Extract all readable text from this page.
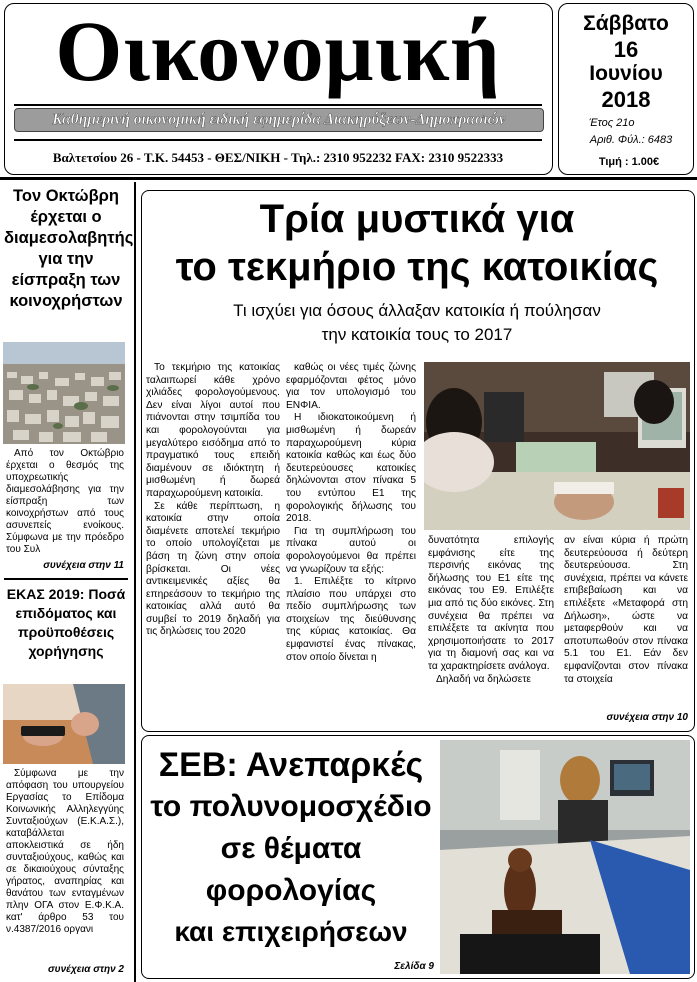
Οικονομική
Καθημερινή οικονομική ειδική εφημερίδα Διακηρύξεων-Δημοπρασιών
Βαλτετσίου 26 - Τ.Κ. 54453 - ΘΕΣ/ΝΙΚΗ - Τηλ.: 2310 952232 FAX: 2310 9522333
Σάββατο
16
Ιουνίου
2018
Έτος 21ο
Αριθ. Φύλ.: 6483
Τιμή : 1.00€
Τον Οκτώβρη έρχεται ο διαμεσολαβητής για την είσπραξη των κοινοχρήστων
Από τον Οκτώβριο έρχεται ο θεσμός της υποχρεωτικής διαμεσολάβησης για την είσπραξη των κοινοχρήστων από τους ασυνεπείς ενοίκους. Σύμφωνα με την πρόεδρο του Συλ
συνέχεια στην 11
ΕΚΑΣ 2019: Ποσά επιδόματος και προϋποθέσεις χορήγησης
Σύμφωνα με την απόφαση του υπουργείου Εργασίας το Επίδομα Κοινωνικής Αλληλεγγύης Συνταξιούχων (Ε.Κ.Α.Σ.), καταβάλλεται αποκλειστικά σε ήδη συνταξιούχους, καθώς και σε δικαιούχους σύνταξης γήρατος, αναπηρίας και θανάτου των ενταγμένων πλην ΟΓΑ στον Ε.Φ.Κ.Α. κατ' άρθρο 53 του ν.4387/2016 οργανι
συνέχεια στην 2
Τρία μυστικά για
το τεκμήριο της κατοικίας
Τι ισχύει για όσους άλλαξαν κατοικία ή πούλησαν
την κατοικία τους το 2017

Το τεκμήριο της κατοικίας ταλαιπωρεί κάθε χρόνο χιλιάδες φορολογούμενους. Δεν είναι λίγοι αυτοί που πιάνονται στην τσιμπίδα του και φορολογούνται για μεγαλύτερο εισόδημα από το πραγματικό τους επειδή διαμένουν σε ιδιόκτητη ή μισθωμένη ή δωρεά παραχωρούμενη κατοικία.

Σε κάθε περίπτωση, η κατοικία στην οποία διαμένετε αποτελεί τεκμήριο το οποίο υπολογίζεται με βάση τη ζώνη στην οποία βρίσκεται. Οι νέες αντικειμενικές αξίες θα επηρεάσουν το τεκμήριο της κατοικίας αλλά αυτό θα συμβεί το 2019 δηλαδή για τις δηλώσεις του 2020

καθώς οι νέες τιμές ζώνης εφαρμόζονται φέτος μόνο για τον υπολογισμό του ΕΝΦΙΑ.

Η ιδιοκατοικούμενη ή μισθωμένη ή δωρεάν παραχωρούμενη κύρια κατοικία καθώς και έως δύο δευτερεύουσες κατοικίες δηλώνονται στον πίνακα 5 του εντύπου Ε1 της φορολογικής δήλωσης του 2018.

Για τη συμπλήρωση του πίνακα αυτού οι φορολογούμενοι θα πρέπει να γνωρίζουν τα εξής:

1. Επιλέξτε το κίτρινο πλαίσιο που υπάρχει στο πεδίο συμπλήρωσης των στοιχείων της διεύθυνσης της κύριας κατοικίας. Θα εμφανιστεί ένας πίνακας, στον οποίο δίνεται η

δυνατότητα επιλογής εμφάνισης είτε της περσινής εικόνας της δήλωσης του Ε1 είτε της εικόνας του Ε9. Επιλέξτε μια από τις δύο εικόνες. Στη συνέχεια θα πρέπει να επιλέξετε τα ακίνητα που χρησιμοποιήσατε το 2017 για τη διαμονή σας και να τα χαρακτηρίσετε ανάλογα.

Δηλαδή να δηλώσετε

αν είναι κύρια ή πρώτη δευτερεύουσα ή δεύτερη δευτερεύουσα. Στη συνέχεια, πρέπει να κάνετε επιβεβαίωση και να επιλέξετε «Μεταφορά στη Δήλωση», ώστε να μεταφερθούν και να αποτυπωθούν στον πίνακα 5.1 του Ε1. Εάν δεν εμφανίζονται στον πίνακα τα στοιχεία

συνέχεια στην 10
ΣΕΒ: Ανεπαρκές
το πολυνομοσχέδιο
σε θέματα
φορολογίας
και επιχειρήσεων
Σελίδα 9
